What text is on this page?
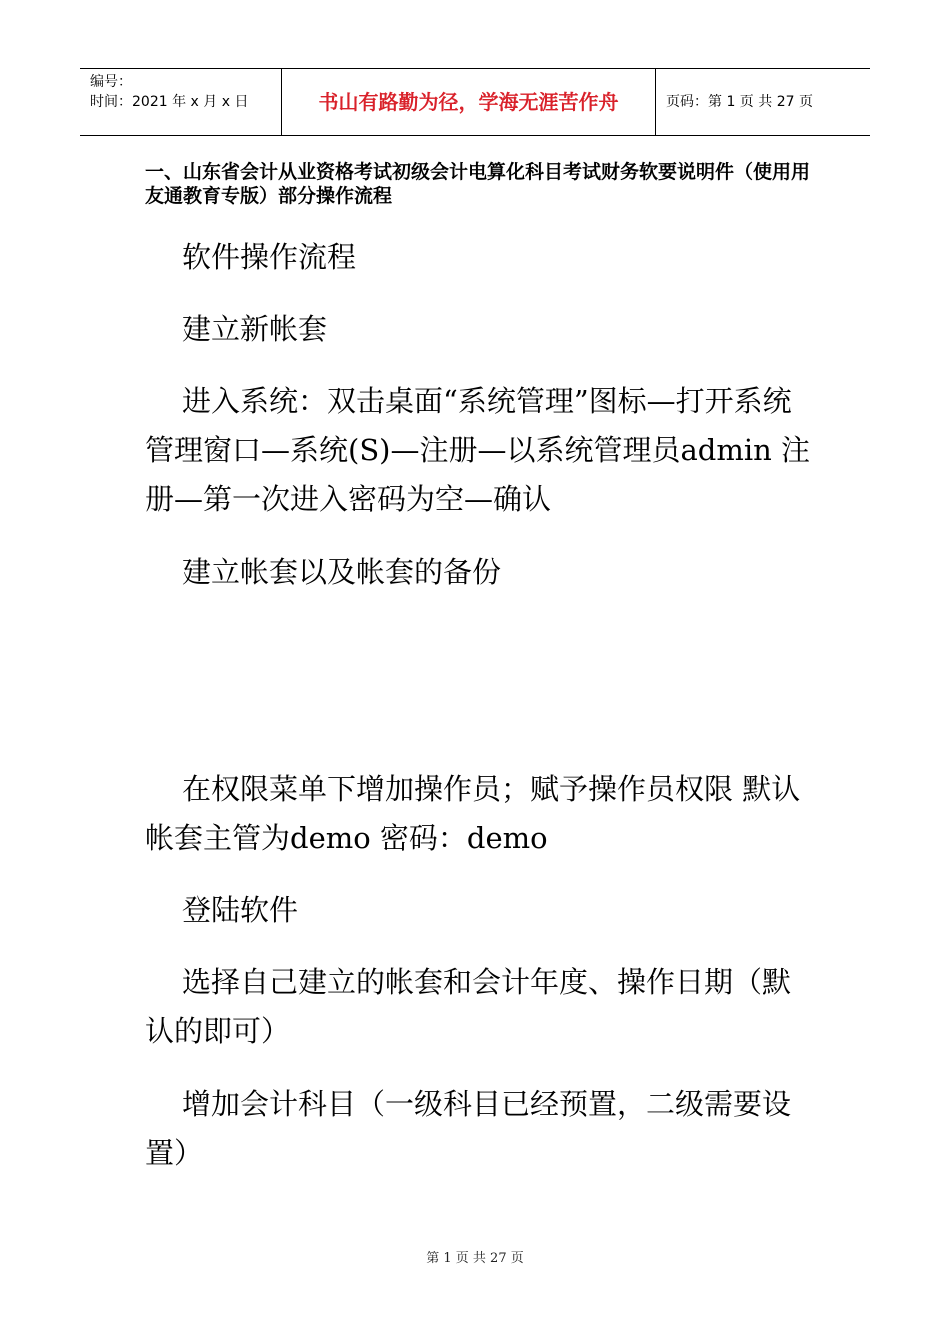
编号：
时间：2021 年 x 月 x 日	书山有路勤为径，学海无涯苦作舟	页码：第 1 页 共 27 页
一、山东省会计从业资格考试初级会计电算化科目考试财务软要说明件（使用用友通教育专版）部分操作流程
软件操作流程
建立新帐套
进入系统：双击桌面“系统管理”图标—打开系统管理窗口—系统(S)—注册—以系统管理员admin 注册—第一次进入密码为空—确认
建立帐套以及帐套的备份
在权限菜单下增加操作员；赋予操作员权限 默认帐套主管为demo 密码：demo
登陆软件
选择自己建立的帐套和会计年度、操作日期（默认的即可）
增加会计科目（一级科目已经预置，二级需要设置）
第 1 页 共 27 页
